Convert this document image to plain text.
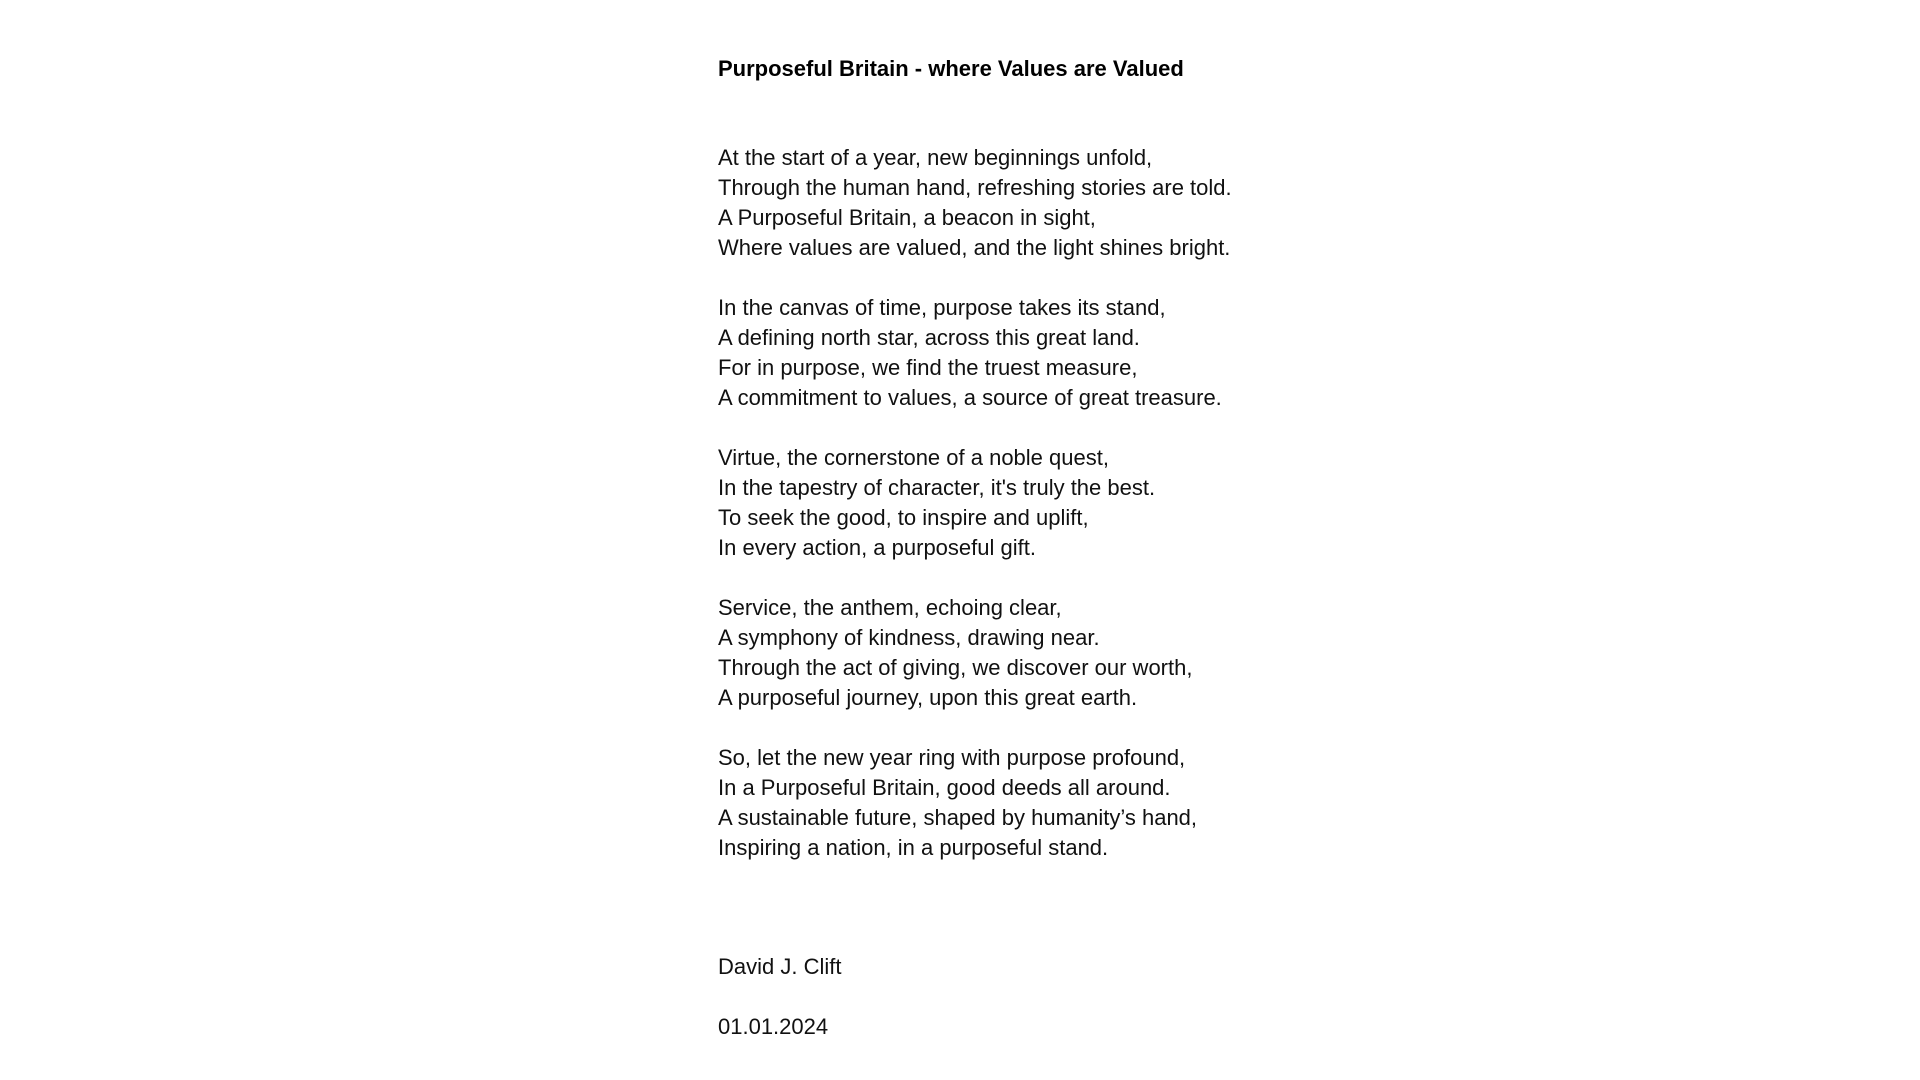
Purposeful Britain - where Values are Valued
At the start of a year, new beginnings unfold,
Through the human hand, refreshing stories are told.
A Purposeful Britain, a beacon in sight,
Where values are valued, and the light shines bright.
In the canvas of time, purpose takes its stand,
A defining north star, across this great land.
For in purpose, we find the truest measure,
A commitment to values, a source of great treasure.
Virtue, the cornerstone of a noble quest,
In the tapestry of character, it's truly the best.
To seek the good, to inspire and uplift,
In every action, a purposeful gift.
Service, the anthem, echoing clear,
A symphony of kindness, drawing near.
Through the act of giving, we discover our worth,
A purposeful journey, upon this great earth.
So, let the new year ring with purpose profound,
In a Purposeful Britain, good deeds all around.
A sustainable future, shaped by humanity’s hand,
Inspiring a nation, in a purposeful stand.
David J. Clift
01.01.2024
